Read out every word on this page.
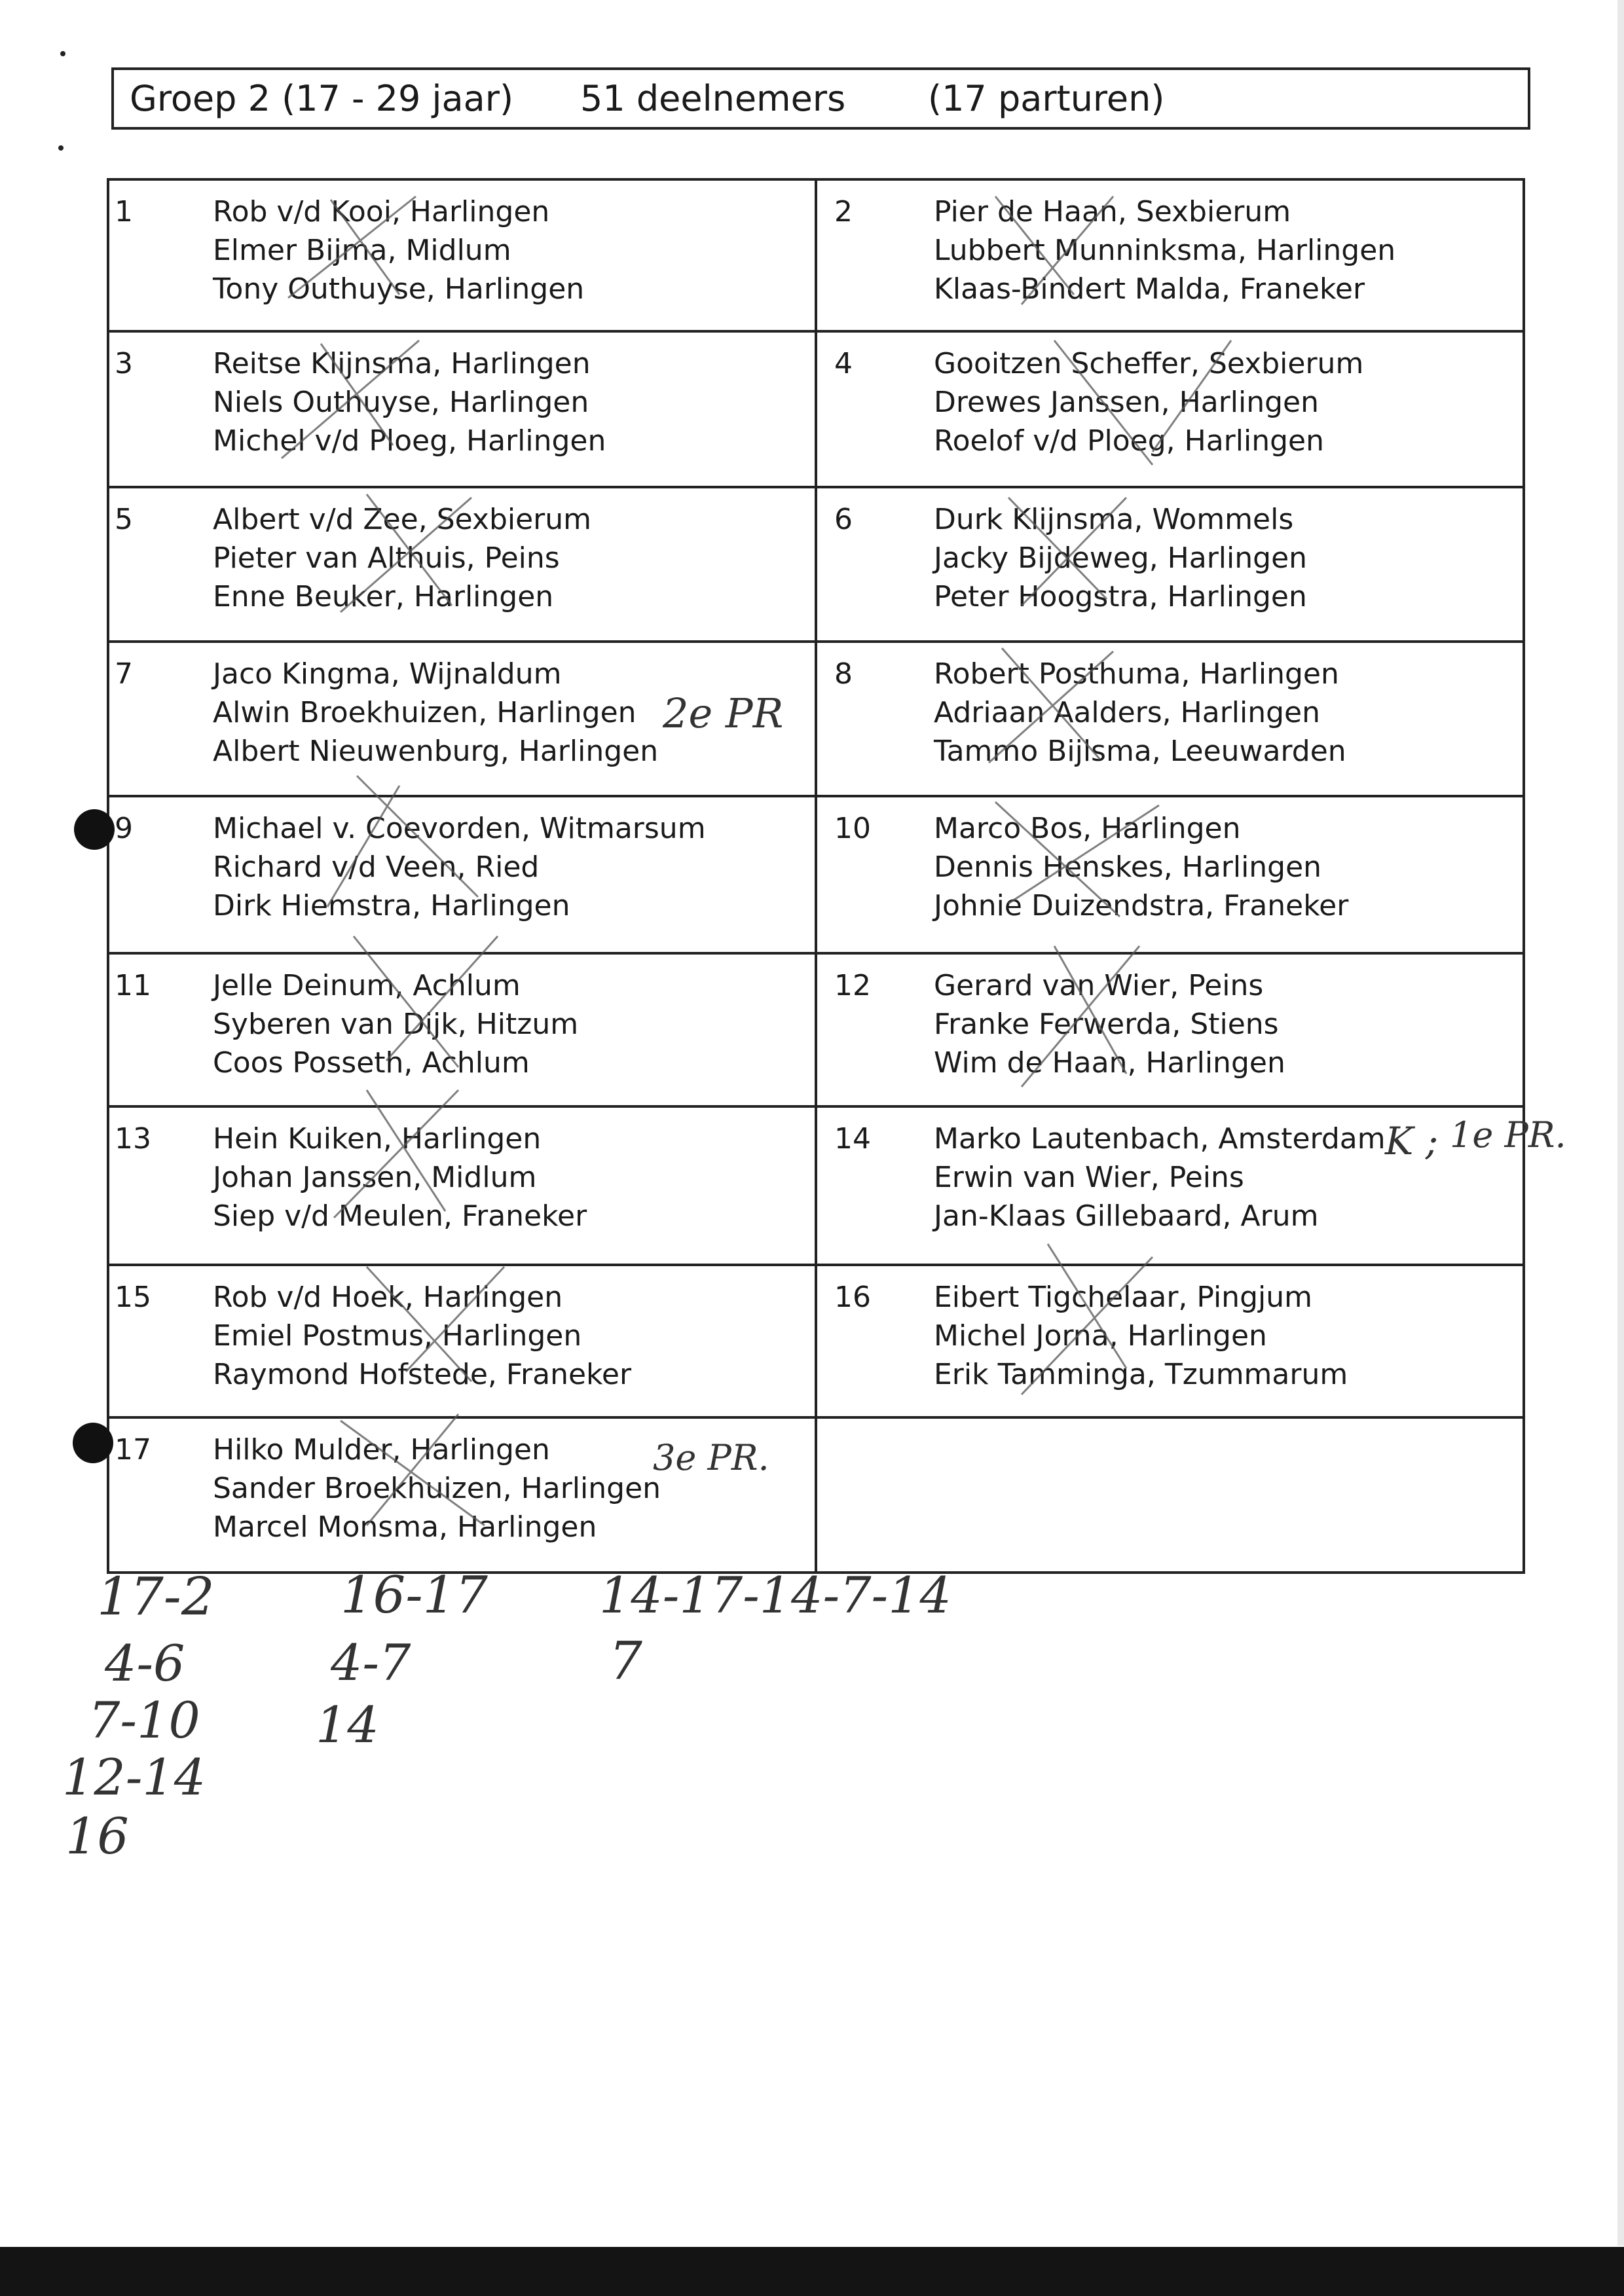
Groep 2 (17 - 29 jaar)

51 deelnemers

(17 parturen)

1	Rob v/d Kooi, Harlingen
Elmer Bijma, Midlum
Tony Outhuyse, Harlingen
2	Pier de Haan, Sexbierum
Lubbert Munninksma, Harlingen
Klaas-Bindert Malda, Franeker
3	Reitse Klijnsma, Harlingen
Niels Outhuyse, Harlingen
Michel v/d Ploeg, Harlingen
4	Gooitzen Scheffer, Sexbierum
Drewes Janssen, Harlingen
Roelof v/d Ploeg, Harlingen
5	Albert v/d Zee, Sexbierum
Pieter van Althuis, Peins
Enne Beuker, Harlingen
6	Durk Klijnsma, Wommels
Jacky Bijdeweg, Harlingen
Peter Hoogstra, Harlingen
7	Jaco Kingma, Wijnaldum
Alwin Broekhuizen, Harlingen
Albert Nieuwenburg, Harlingen
2e PR
8	Robert Posthuma, Harlingen
Adriaan Aalders, Harlingen
Tammo Bijlsma, Leeuwarden
9	Michael v. Coevorden, Witmarsum
Richard v/d Veen, Ried
Dirk Hiemstra, Harlingen
10 Marco Bos, Harlingen
Dennis Henskes, Harlingen
Johnie Duizendstra, Franeker
11 Jelle Deinum, Achlum
Syberen van Dijk, Hitzum
Coos Posseth, Achlum
12 Gerard van Wier, Peins
Franke Ferwerda, Stiens
Wim de Haan, Harlingen
13 Hein Kuiken, Harlingen
Johan Janssen, Midlum
Siep v/d Meulen, Franeker
14 Marko Lautenbach, Amsterdam
Erwin van Wier, Peins
Jan-Klaas Gillebaard, Arum
K ; 1e PR.
15 Rob v/d Hoek, Harlingen
Emiel Postmus, Harlingen
Raymond Hofstede, Franeker
16 Eibert Tigchelaar, Pingjum
Michel Jorna, Harlingen
Erik Tamminga, Tzummarum
17 Hilko Mulder, Harlingen
Sander Broekhuizen, Harlingen
Marcel Monsma, Harlingen
3e PR.
17-2
4-6
7-10
12-14
16
16-17
4-7
14
14-17-14-7-14
7
